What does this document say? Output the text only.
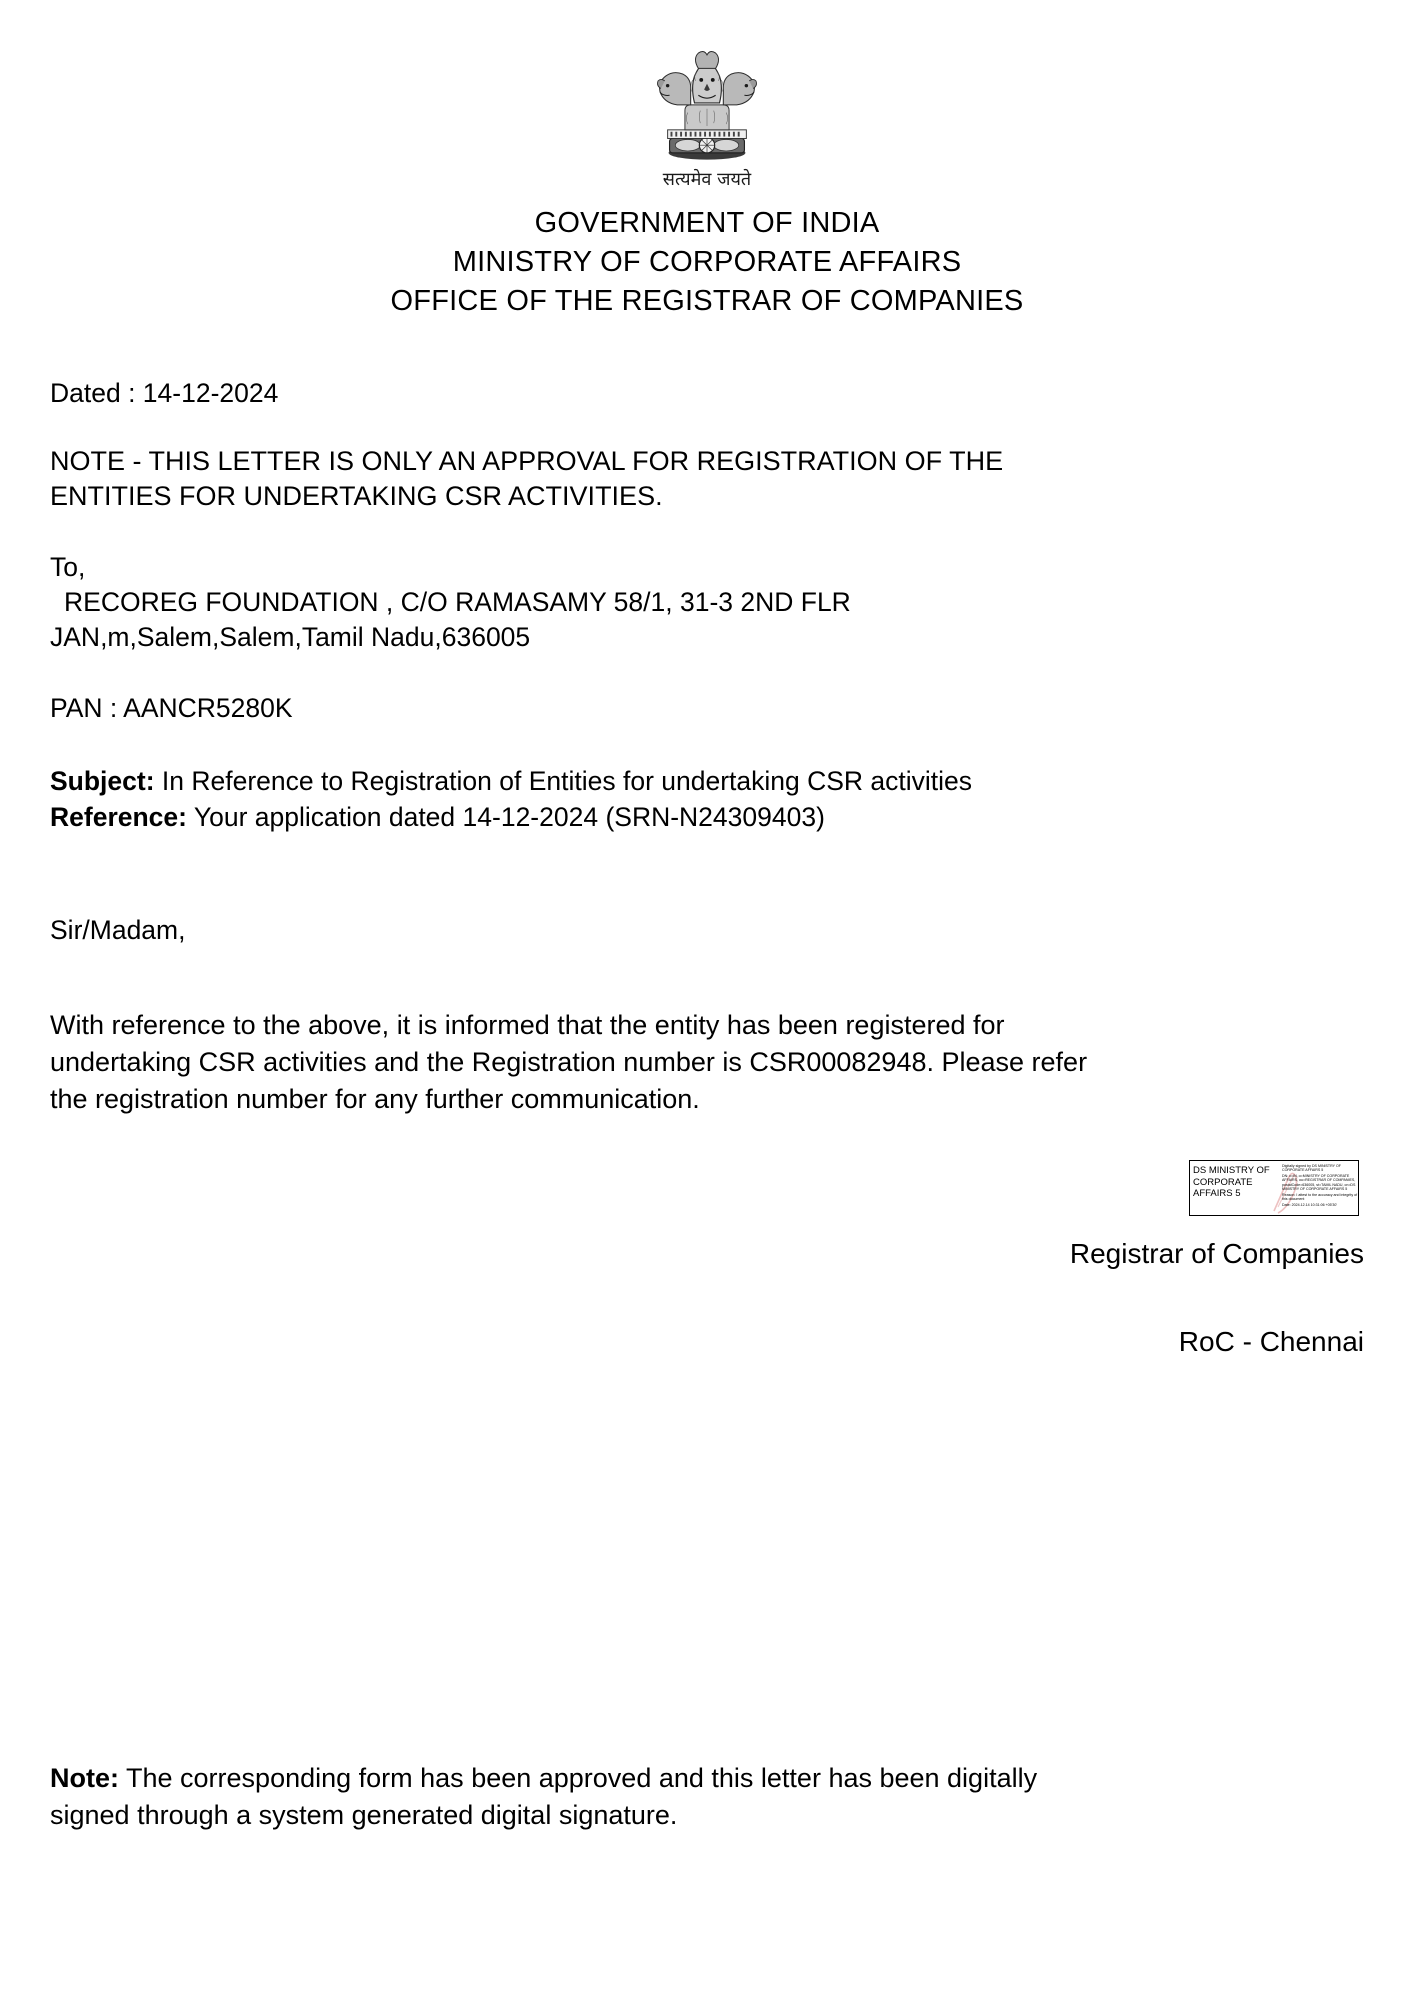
सत्यमेव जयते
GOVERNMENT OF INDIA
MINISTRY OF CORPORATE AFFAIRS
OFFICE OF THE REGISTRAR OF COMPANIES
Dated : 14-12-2024
NOTE - THIS LETTER IS ONLY AN APPROVAL FOR REGISTRATION OF THE ENTITIES FOR UNDERTAKING CSR ACTIVITIES.
To,
RECOREG FOUNDATION , C/O RAMASAMY 58/1, 31-3 2ND FLR
JAN,m,Salem,Salem,Tamil Nadu,636005
PAN : AANCR5280K
Subject: In Reference to Registration of Entities for undertaking CSR activities
Reference: Your application dated 14-12-2024 (SRN-N24309403)
Sir/Madam,
With reference to the above, it is informed that the entity has been registered for undertaking CSR activities and the Registration number is CSR00082948. Please refer the registration number for any further communication.
DS MINISTRY OF CORPORATE AFFAIRS 5

Digitally signed by DS MINISTRY OF CORPORATE AFFAIRS 5

DN: c=IN, o=MINISTRY OF CORPORATE AFFAIRS, ou=REGISTRAR OF COMPANIES, postalCode=636005, st=TAMIL NADU, cn=DS MINISTRY OF CORPORATE AFFAIRS 5

Reason: I attest to the accuracy and integrity of this document

Date: 2024.12.14 10:31:06 +05'30'

Registrar of Companies
RoC - Chennai
Note: The corresponding form has been approved and this letter has been digitally signed through a system generated digital signature.
